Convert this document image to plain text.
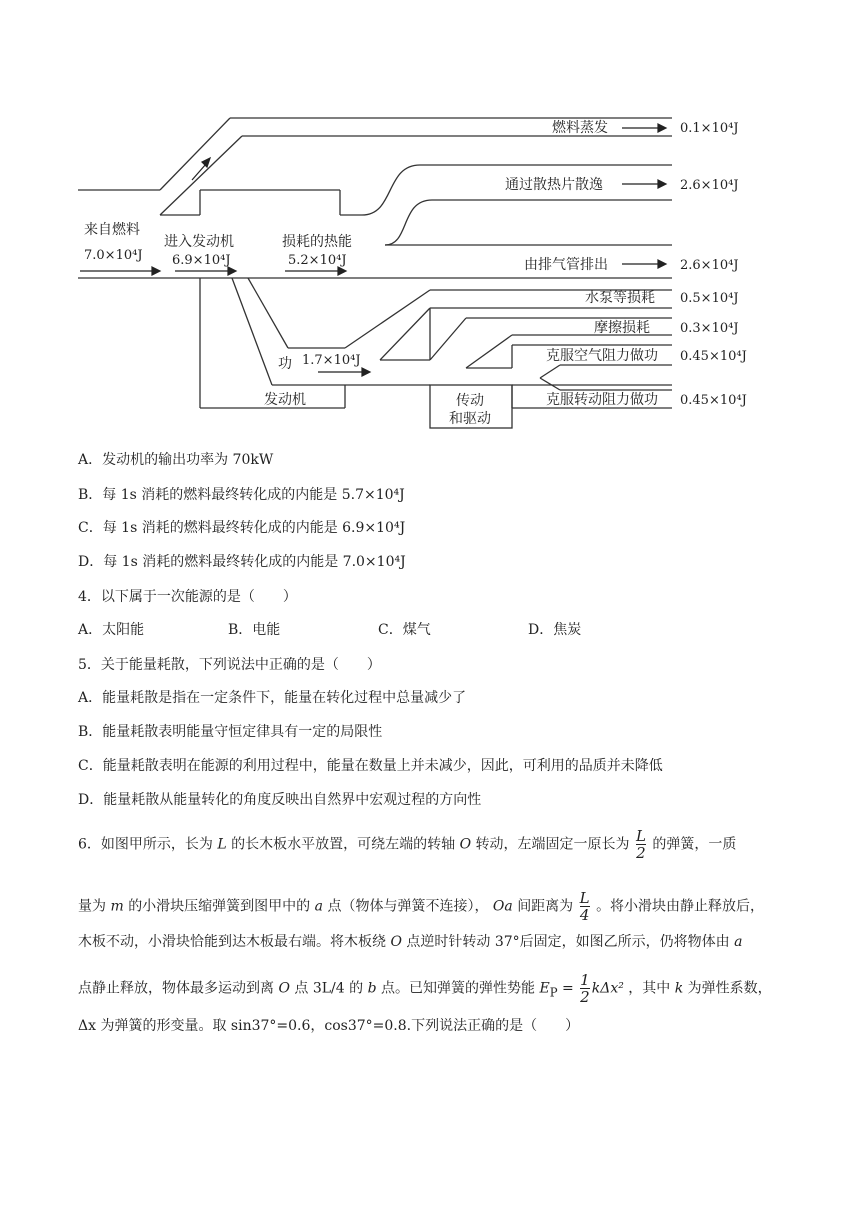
燃料蒸发	0.1×10⁴J
通过散热片散逸	2.6×10⁴J
由排气管排出	2.6×10⁴J
水泵等损耗 0.5×10⁴J
摩擦损耗 0.3×10⁴J
克服空气阻力做功 0.45×10⁴J
克服转动阻力做功 0.45×10⁴J
来自燃料
7.0×10⁴J
进入发动机
6.9×10⁴J
损耗的热能
5.2×10⁴J
功 1.7×10⁴J
发动机	传动
和驱动
A．发动机的输出功率为 70kW
B．每 1s 消耗的燃料最终转化成的内能是 5.7×10⁴J
C．每 1s 消耗的燃料最终转化成的内能是 6.9×10⁴J
D．每 1s 消耗的燃料最终转化成的内能是 7.0×10⁴J
4．以下属于一次能源的是（　　）
A．太阳能	B．电能	C．煤气	D．焦炭
5．关于能量耗散，下列说法中正确的是（　　）
A．能量耗散是指在一定条件下，能量在转化过程中总量减少了
B．能量耗散表明能量守恒定律具有一定的局限性
C．能量耗散表明在能源的利用过程中，能量在数量上并未减少，因此，可利用的品质并未降低
D．能量耗散从能量转化的角度反映出自然界中宏观过程的方向性
6．如图甲所示，长为 L 的长木板水平放置，可绕左端的转轴 O 转动，左端固定一原长为 $\frac{L}{2}$ 的弹簧，一质
量为 m 的小滑块压缩弹簧到图甲中的 a 点（物体与弹簧不连接）， Oa 间距离为 $\frac{L}{4}$ 。将小滑块由静止释放后，
木板不动，小滑块恰能到达木板最右端。将木板绕 O 点逆时针转动 37°后固定，如图乙所示，仍将物体由 a
点静止释放，物体最多运动到离 O 点 3L/4 的 b 点。已知弹簧的弹性势能 $E_P = \frac{1}{2} k\Delta x^2$ ，其中 k 为弹性系数，
Δx 为弹簧的形变量。取 sin37°=0.6，cos37°=0.8.下列说法正确的是（　　）
